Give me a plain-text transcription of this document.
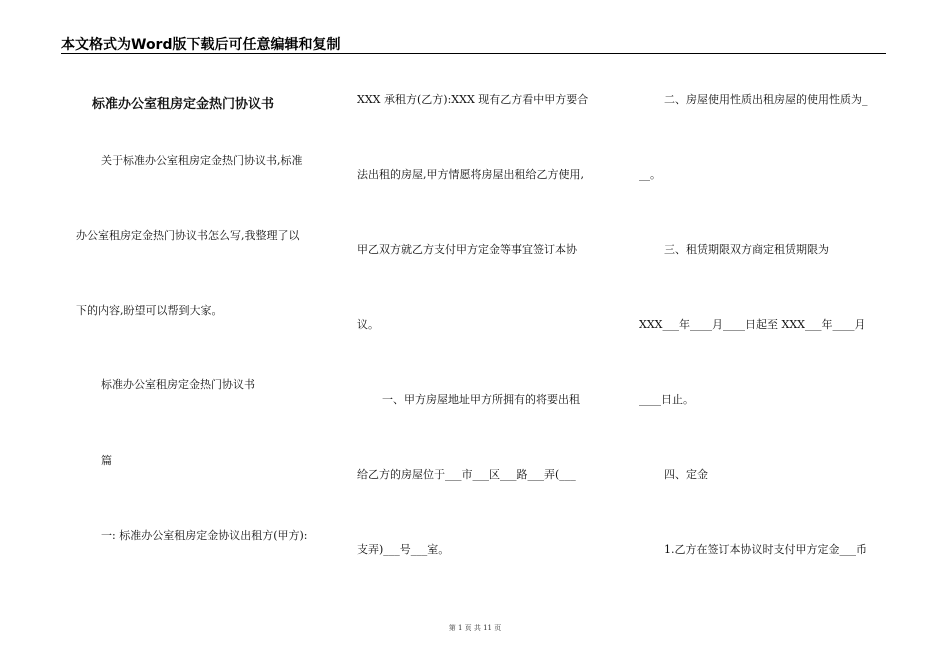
本文格式为Word版下载后可任意编辑和复制
标准办公室租房定金热门协议书
关于标准办公室租房定金热门协议书,标准
办公室租房定金热门协议书怎么写,我整理了以
下的内容,盼望可以帮到大家。
标准办公室租房定金热门协议书
篇
一: 标准办公室租房定金协议出租方(甲方):
XXX 承租方(乙方):XXX 现有乙方看中甲方要合
法出租的房屋,甲方情愿将房屋出租给乙方使用,
甲乙双方就乙方支付甲方定金等事宜签订本协
议。
一、甲方房屋地址甲方所拥有的将要出租
给乙方的房屋位于___市___区___路___弄(___
支弄)___号___室。
二、房屋使用性质出租房屋的使用性质为_
__。
三、租赁期限双方商定租赁期限为
XXX___年____月____日起至 XXX___年____月
____日止。
四、定金
1.乙方在签订本协议时支付甲方定金___币
第 1 页 共 11 页
